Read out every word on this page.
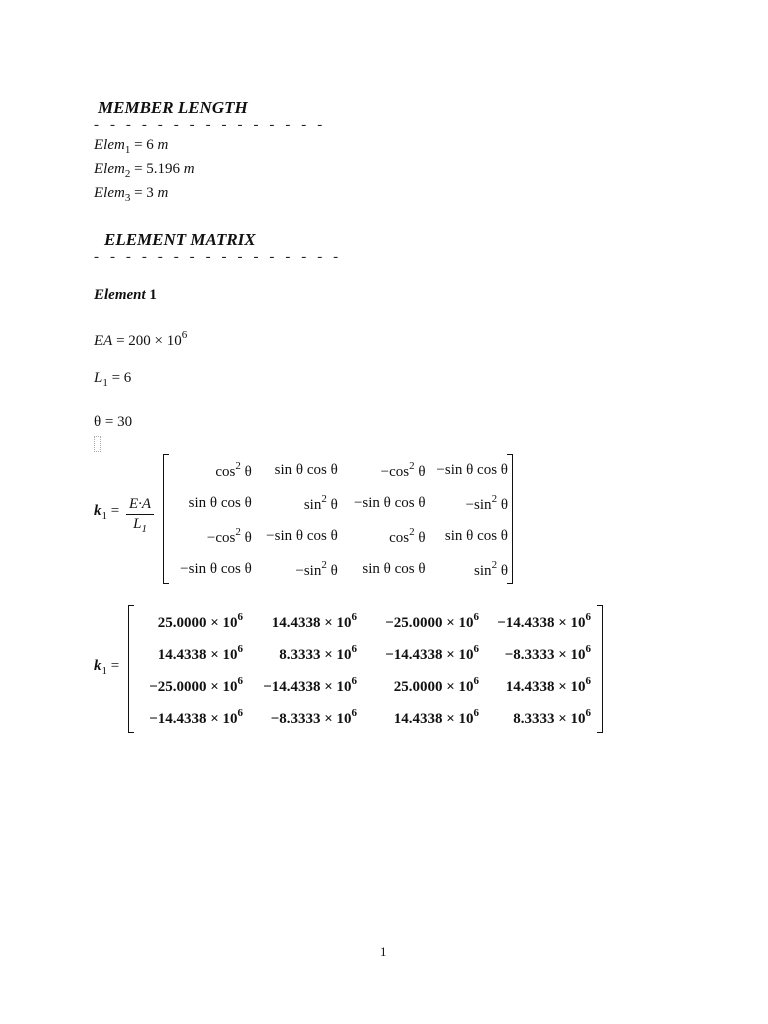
MEMBER LENGTH
- - - - - - - - - - - - - - -
Elem$_1$ = 6 m
Elem$_2$ = 5.196 m
Elem$_3$ = 3 m
ELEMENT MATRIX
- - - - - - - - - - - - - - - -
Element 1
EA = $200 \times 10^6$
$L_1 = 6$
θ = 30
$k_1 = \frac{E\cdot A}{L_1}$
$\cos^2 \theta$	sin θ cos θ	$-\cos^2$ θ	−sin θ cos θ
sin θ cos θ	$\sin^2 \theta$	−sin θ cos θ	$-\sin^2$ θ
$-\cos^2$ θ	−sin θ cos θ	$\cos^2 \theta$	sin θ cos θ
−sin θ cos θ	$-\sin^2$ θ	sin θ cos θ	$\sin^2 \theta$
$k_1$ =
$25.0000 \times 10^6$	$14.4338 \times 10^6$	$-25.0000 \times 10^6$	$-14.4338 \times 10^6$
$14.4338 \times 10^6$	$8.3333 \times 10^6$	$-14.4338 \times 10^6$	$-8.3333 \times 10^6$
$-25.0000 \times 10^6$	$-14.4338 \times 10^6$	$25.0000 \times 10^6$	$14.4338 \times 10^6$
$-14.4338 \times 10^6$	$-8.3333 \times 10^6$	$14.4338 \times 10^6$	$8.3333 \times 10^6$
1
